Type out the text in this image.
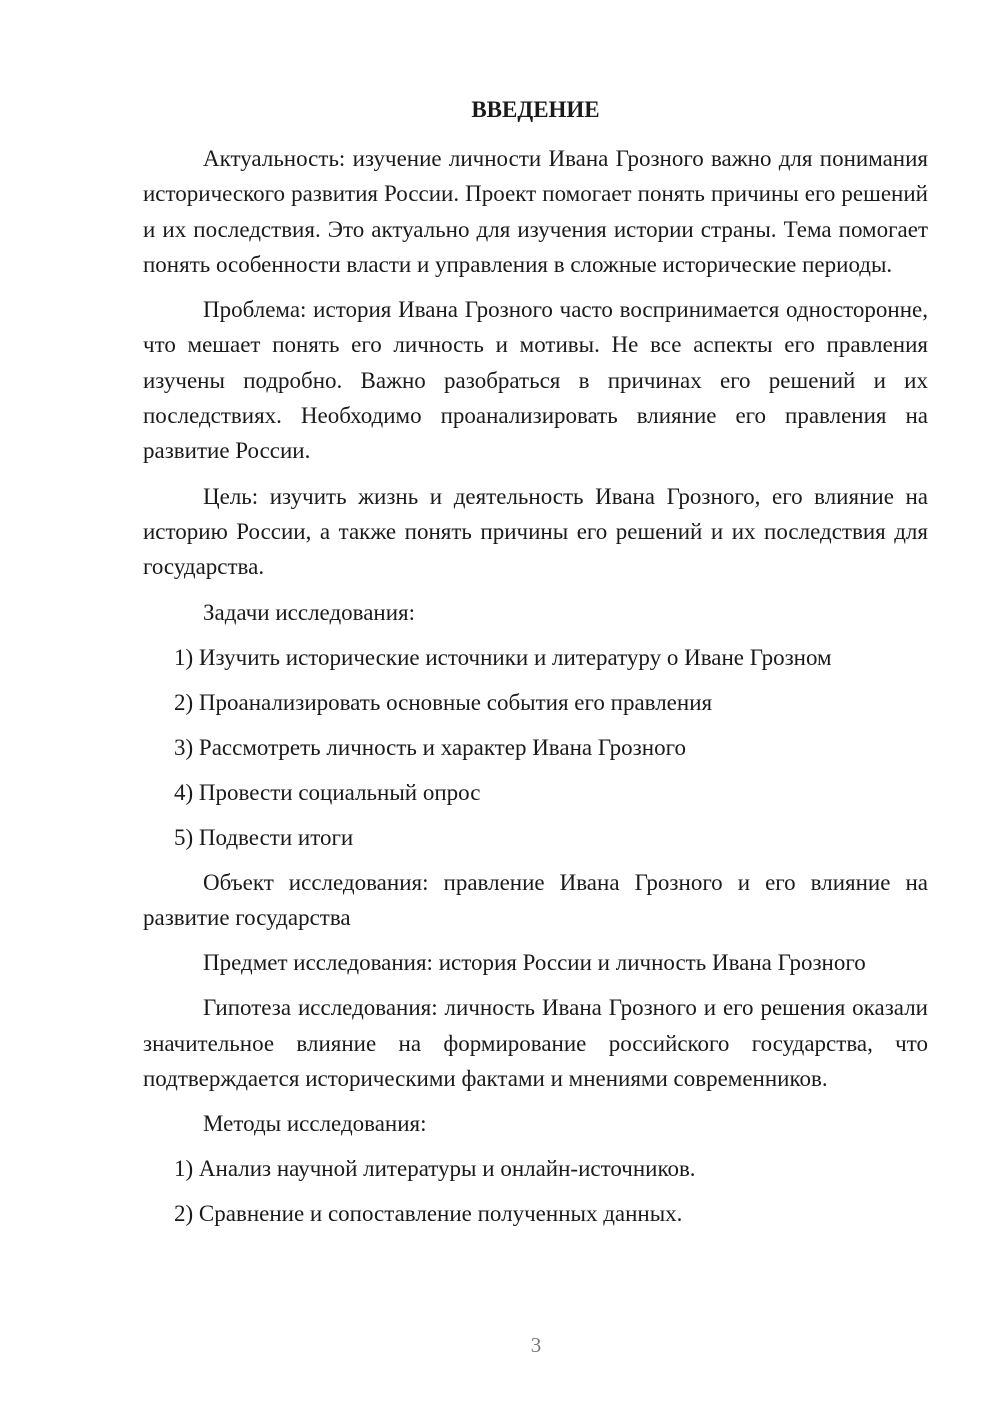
ВВЕДЕНИЕ

Актуальность: изучение личности Ивана Грозного важно для понимания исторического развития России. Проект помогает понять причины его решений и их последствия. Это актуально для изучения истории страны. Тема помогает понять особенности власти и управления в сложные исторические периоды.

Проблема: история Ивана Грозного часто воспринимается односторонне, что мешает понять его личность и мотивы. Не все аспекты его правления изучены подробно. Важно разобраться в причинах его решений и их последствиях. Необходимо проанализировать влияние его правления на развитие России.

Цель: изучить жизнь и деятельность Ивана Грозного, его влияние на историю России, а также понять причины его решений и их последствия для государства.

Задачи исследования:
1) Изучить исторические источники и литературу о Иване Грозном
2) Проанализировать основные события его правления
3) Рассмотреть личность и характер Ивана Грозного
4) Провести социальный опрос
5) Подвести итоги

Объект исследования: правление Ивана Грозного и его влияние на развитие государства

Предмет исследования: история России и личность Ивана Грозного

Гипотеза исследования: личность Ивана Грозного и его решения оказали значительное влияние на формирование российского государства, что подтверждается историческими фактами и мнениями современников.

Методы исследования:
1) Анализ научной литературы и онлайн-источников.
2) Сравнение и сопоставление полученных данных.
3
